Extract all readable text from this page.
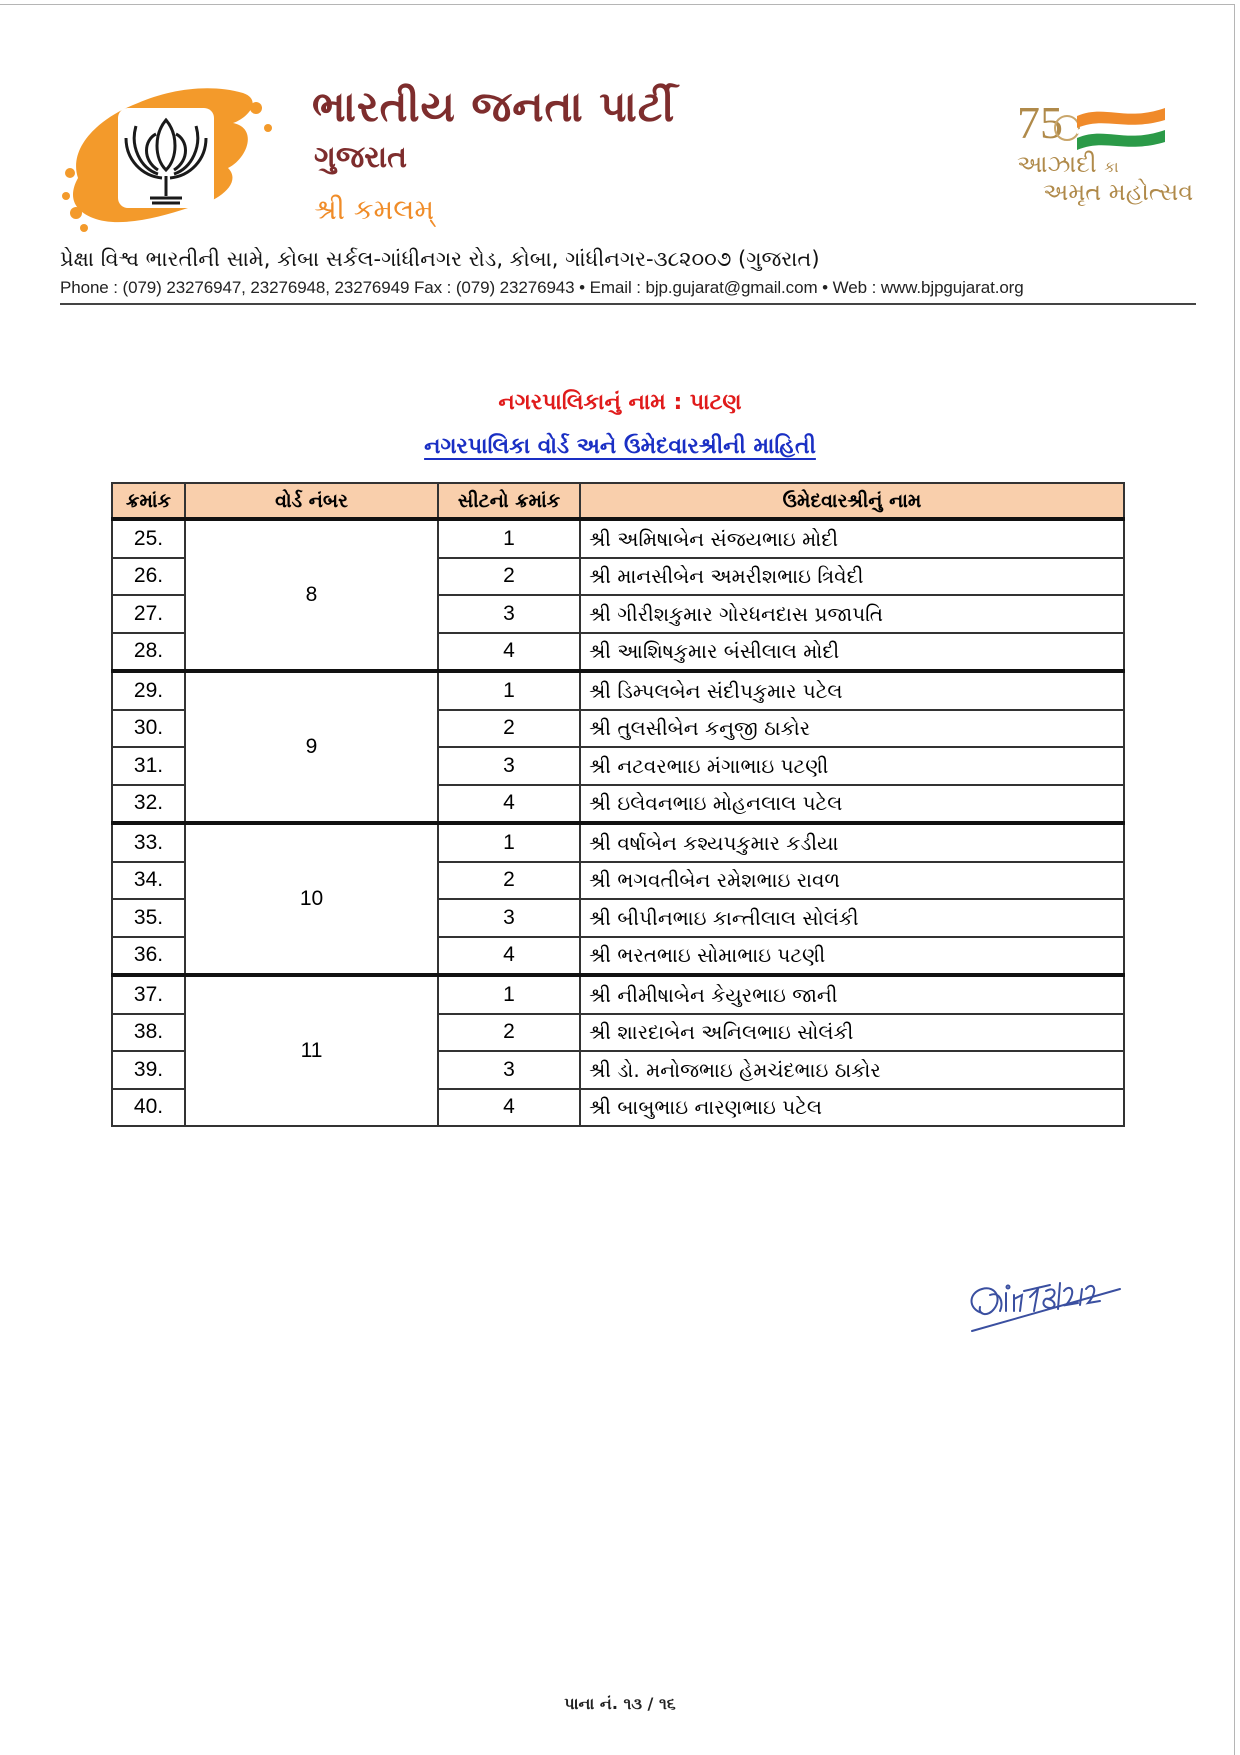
ભારતીય જનતા પાર્ટી
ગુજરાત
શ્રી કમલમ્
75
આઝાદી કા
અમૃત મહોત્સવ
પ્રેક્ષા વિશ્વ ભારતીની સામે, કોબા સર્કલ-ગાંધીનગર રોડ, કોબા, ગાંધીનગર-૩૮૨૦૦૭ (ગુજરાત)
Phone : (079) 23276947, 23276948, 23276949 Fax : (079) 23276943 • Email : bjp.gujarat@gmail.com • Web : www.bjpgujarat.org
નગરપાલિકાનું નામ : પાટણ
નગરપાલિકા વોર્ડ અને ઉમેદવારશ્રીની માહિતી
ક્રમાંક	વોર્ડ નંબર	સીટનો ક્રમાંક	ઉમેદવારશ્રીનું નામ
25.	8	1	શ્રી અમિષાબેન સંજયભાઇ મોદી
26.		2	શ્રી માનસીબેન અમરીશભાઇ ત્રિવેદી
27.		3	શ્રી ગીરીશકુમાર ગોરધનદાસ પ્રજાપતિ
28.		4	શ્રી આશિષકુમાર બંસીલાલ મોદી
29.	9	1	શ્રી ડિમ્પલબેન સંદીપકુમાર પટેલ
30.		2	શ્રી તુલસીબેન કનુજી ઠાકોર
31.		3	શ્રી નટવરભાઇ મંગાભાઇ પટણી
32.		4	શ્રી ઇલેવનભાઇ મોહનલાલ પટેલ
33.	10	1	શ્રી વર્ષાબેન કશ્યપકુમાર કડીયા
34.		2	શ્રી ભગવતીબેન રમેશભાઇ રાવળ
35.		3	શ્રી બીપીનભાઇ કાન્તીલાલ સોલંકી
36.		4	શ્રી ભરતભાઇ સોમાભાઇ પટણી
37.	11	1	શ્રી નીમીષાબેન કેયુરભાઇ જાની
38.		2	શ્રી શારદાબેન અનિલભાઇ સોલંકી
39.		3	શ્રી ડો. મનોજભાઇ હેમચંદભાઇ ઠાકોર
40.		4	શ્રી બાબુભાઇ નારણભાઇ પટેલ
પાના નં. ૧૩ / ૧૬
